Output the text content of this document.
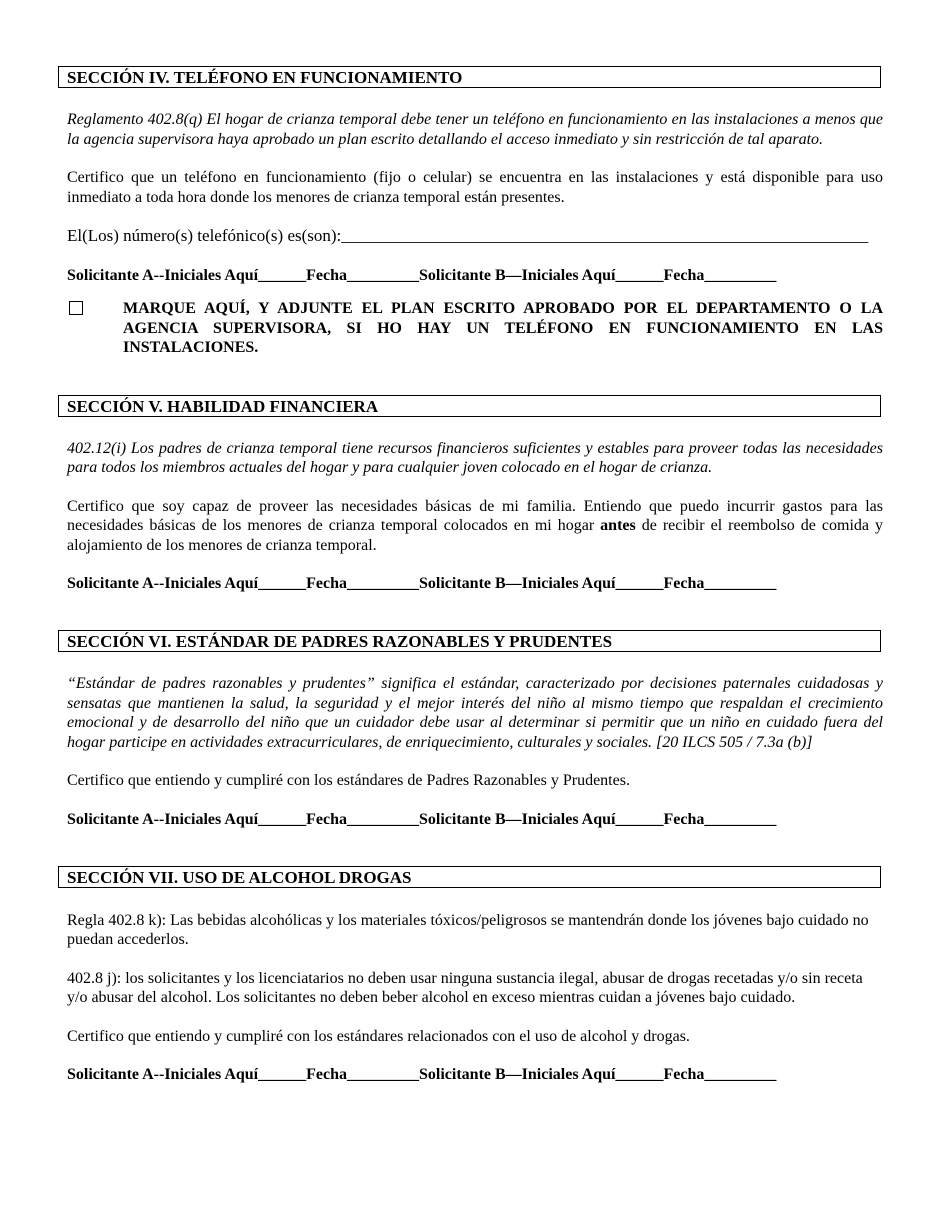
SECCIÓN IV. TELÉFONO EN FUNCIONAMIENTO

Reglamento 402.8(q) El hogar de crianza temporal debe tener un teléfono en funcionamiento en las instalaciones a menos que la agencia supervisora haya aprobado un plan escrito detallando el acceso inmediato y sin restricción de tal aparato.

Certifico que un teléfono en funcionamiento (fijo o celular) se encuentra en las instalaciones y está disponible para uso inmediato a toda hora donde los menores de crianza temporal están presentes.

El(Los) número(s) telefónico(s) es(son):______________________________________________________________
Solicitante A--Iniciales Aquí______Fecha_________Solicitante B—Iniciales Aquí______Fecha_________

MARQUE AQUÍ, Y ADJUNTE EL PLAN ESCRITO APROBADO POR EL DEPARTAMENTO O LA AGENCIA SUPERVISORA, SI HO HAY UN TELÉFONO EN FUNCIONAMIENTO EN LAS INSTALACIONES.

SECCIÓN V. HABILIDAD FINANCIERA

402.12(i) Los padres de crianza temporal tiene recursos financieros suficientes y estables para proveer todas las necesidades para todos los miembros actuales del hogar y para cualquier joven colocado en el hogar de crianza.

Certifico que soy capaz de proveer las necesidades básicas de mi familia. Entiendo que puedo incurrir gastos para las necesidades básicas de los menores de crianza temporal colocados en mi hogar antes de recibir el reembolso de comida y alojamiento de los menores de crianza temporal.

Solicitante A--Iniciales Aquí______Fecha_________Solicitante B—Iniciales Aquí______Fecha_________
SECCIÓN VI. ESTÁNDAR DE PADRES RAZONABLES Y PRUDENTES

“Estándar de padres razonables y prudentes” significa el estándar, caracterizado por decisiones paternales cuidadosas y sensatas que mantienen la salud, la seguridad y el mejor interés del niño al mismo tiempo que respaldan el crecimiento emocional y de desarrollo del niño que un cuidador debe usar al determinar si permitir que un niño en cuidado fuera del hogar participe en actividades extracurriculares, de enriquecimiento, culturales y sociales. [20 ILCS 505 / 7.3a (b)]

Certifico que entiendo y cumpliré con los estándares de Padres Razonables y Prudentes.

Solicitante A--Iniciales Aquí______Fecha_________Solicitante B—Iniciales Aquí______Fecha_________
SECCIÓN VII. USO DE ALCOHOL DROGAS

Regla 402.8 k): Las bebidas alcohólicas y los materiales tóxicos/peligrosos se mantendrán donde los jóvenes bajo cuidado no puedan accederlos.

402.8 j): los solicitantes y los licenciatarios no deben usar ninguna sustancia ilegal, abusar de drogas recetadas y/o sin receta y/o abusar del alcohol. Los solicitantes no deben beber alcohol en exceso mientras cuidan a jóvenes bajo cuidado.

Certifico que entiendo y cumpliré con los estándares relacionados con el uso de alcohol y drogas.

Solicitante A--Iniciales Aquí______Fecha_________Solicitante B—Iniciales Aquí______Fecha_________
